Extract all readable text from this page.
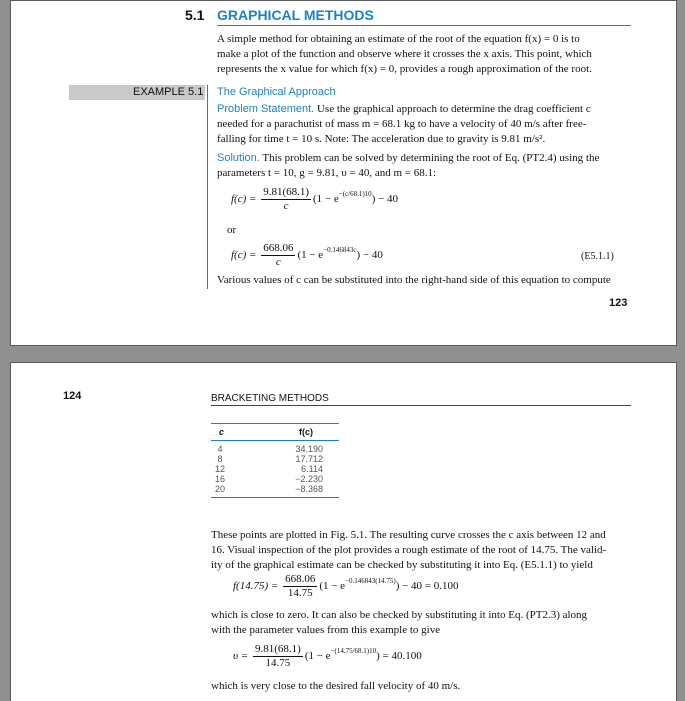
5.1 GRAPHICAL METHODS
A simple method for obtaining an estimate of the root of the equation f(x) = 0 is to
make a plot of the function and observe where it crosses the x axis. This point, which
represents the x value for which f(x) = 0, provides a rough approximation of the root.
EXAMPLE 5.1 The Graphical Approach
Problem Statement. Use the graphical approach to determine the drag coefficient c
needed for a parachutist of mass m = 68.1 kg to have a velocity of 40 m/s after free-
falling for time t = 10 s. Note: The acceleration due to gravity is 9.81 m/s².
Solution. This problem can be solved by determining the root of Eq. (PT2.4) using the
parameters t = 10, g = 9.81, υ = 40, and m = 68.1:
$f(c) = \frac{9.81(68.1)}{c} (1 - e^{-(c/68.1)10}) - 40$
or
$f(c) = \frac{668.06}{c} (1 - e^{-0.146843c}) - 40$	(E5.1.1)
Various values of c can be substituted into the right-hand side of this equation to compute
123
124	BRACKETING METHODS
c	f(c)
4	34.190
8	17.712
12	6.114
16	−2.230
20	−8.368
These points are plotted in Fig. 5.1. The resulting curve crosses the c axis between 12 and
16. Visual inspection of the plot provides a rough estimate of the root of 14.75. The valid-
ity of the graphical estimate can be checked by substituting it into Eq. (E5.1.1) to yield
$f(14.75) = \frac{668.06}{14.75} (1 - e^{-0.146843(14.75)}) - 40 = 0.100$
which is close to zero. It can also be checked by substituting it into Eq. (PT2.3) along
with the parameter values from this example to give
$\upsilon = \frac{9.81(68.1)}{14.75} (1 - e^{-(14.75/68.1)10}) = 40.100$
which is very close to the desired fall velocity of 40 m/s.
